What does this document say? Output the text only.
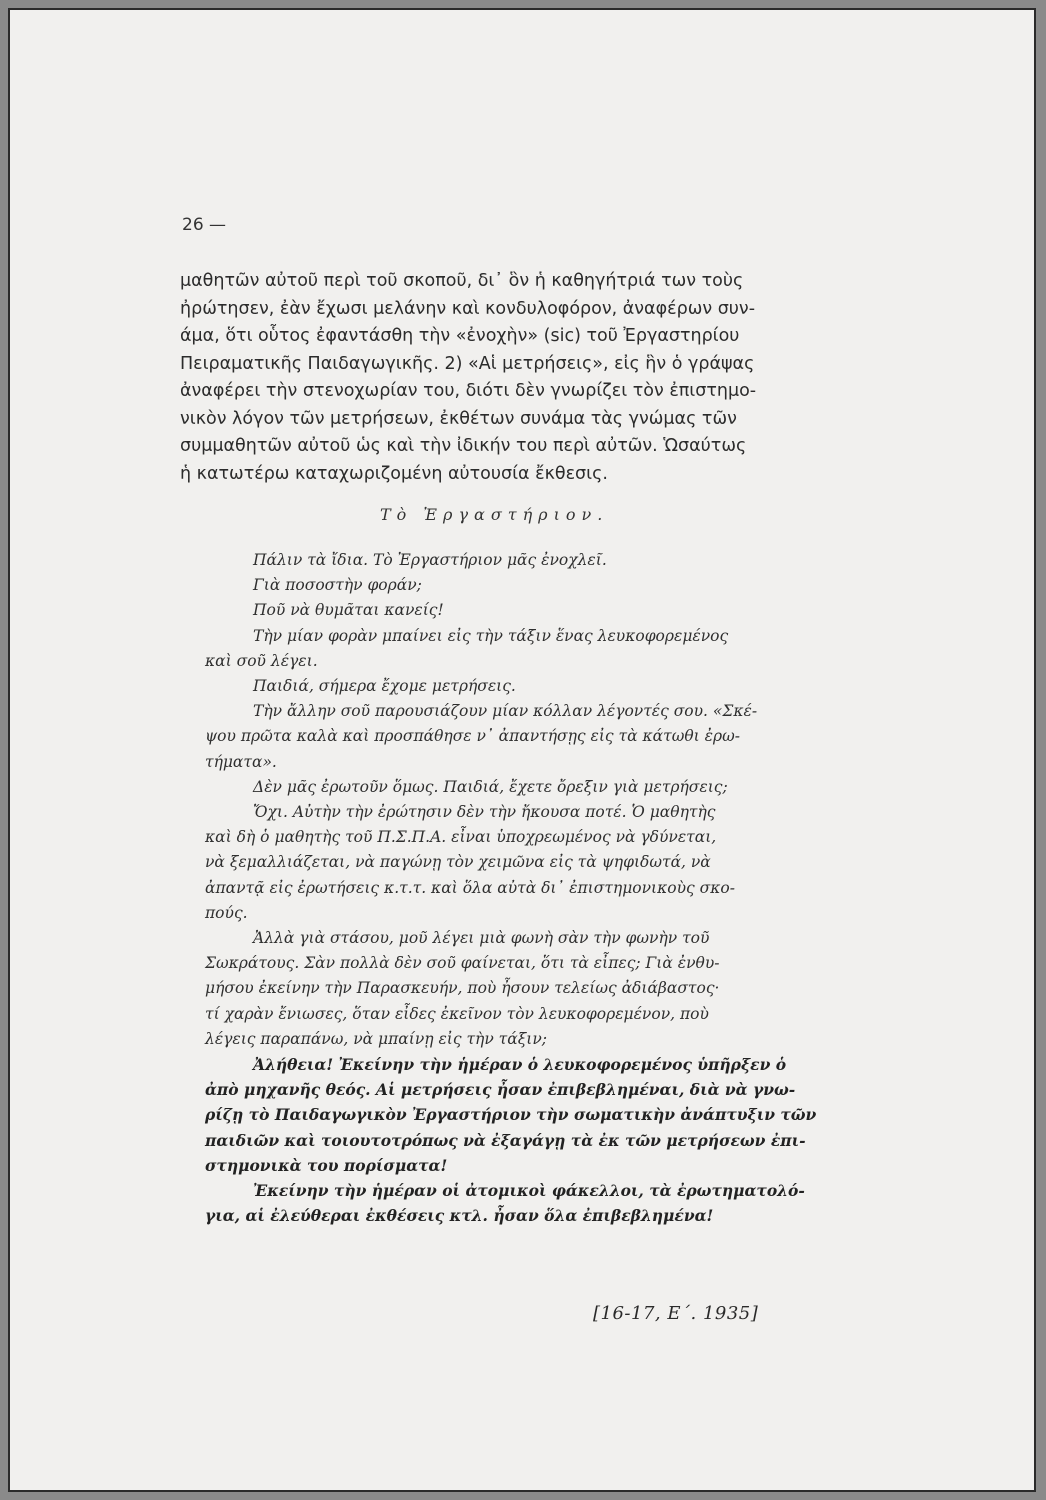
26 —
μαθητῶν αὐτοῦ περὶ τοῦ σκοποῦ, δι᾿ ὃν ἡ καθηγήτριά των τοὺς
ἠρώτησεν, ἐὰν ἔχωσι μελάνην καὶ κονδυλοφόρον, ἀναφέρων συν-
άμα, ὅτι οὗτος ἐφαντάσθη τὴν «ἐνοχὴν» (sic) τοῦ Ἐργαστηρίου
Πειραματικῆς Παιδαγωγικῆς. 2) «Αἱ μετρήσεις», εἰς ἣν ὁ γράψας
ἀναφέρει τὴν στενοχωρίαν του, διότι δὲν γνωρίζει τὸν ἐπιστημο-
νικὸν λόγον τῶν μετρήσεων, ἐκθέτων συνάμα τὰς γνώμας τῶν
συμμαθητῶν αὐτοῦ ὡς καὶ τὴν ἰδικήν του περὶ αὐτῶν. Ὡσαύτως
ἡ κατωτέρω καταχωριζομένη αὐτουσία ἔκθεσις.
Τὸ Ἐργαστήριον.
Πάλιν τὰ ἴδια. Τὸ Ἐργαστήριον μᾶς ἐνοχλεῖ.
Γιὰ ποσοστὴν φοράν;
Ποῦ νὰ θυμᾶται κανείς!
Τὴν μίαν φορὰν μπαίνει εἰς τὴν τάξιν ἕνας λευκοφορεμένος
καὶ σοῦ λέγει.
Παιδιά, σήμερα ἔχομε μετρήσεις.
Τὴν ἄλλην σοῦ παρουσιάζουν μίαν κόλλαν λέγοντές σου. «Σκέ-
ψου πρῶτα καλὰ καὶ προσπάθησε ν᾿ ἀπαντήσῃς εἰς τὰ κάτωθι ἐρω-
τήματα».
Δὲν μᾶς ἐρωτοῦν ὅμως. Παιδιά, ἔχετε ὄρεξιν γιὰ μετρήσεις;
Ὄχι. Αὐτὴν τὴν ἐρώτησιν δὲν τὴν ἤκουσα ποτέ. Ὁ μαθητὴς
καὶ δὴ ὁ μαθητὴς τοῦ Π.Σ.Π.Α. εἶναι ὑποχρεωμένος νὰ γδύνεται,
νὰ ξεμαλλιάζεται, νὰ παγώνῃ τὸν χειμῶνα εἰς τὰ ψηφιδωτά, νὰ
ἀπαντᾷ εἰς ἐρωτήσεις κ.τ.τ. καὶ ὅλα αὐτὰ δι᾿ ἐπιστημονικοὺς σκο-
πούς.
Ἀλλὰ γιὰ στάσου, μοῦ λέγει μιὰ φωνὴ σὰν τὴν φωνὴν τοῦ
Σωκράτους. Σὰν πολλὰ δὲν σοῦ φαίνεται, ὅτι τὰ εἶπες; Γιὰ ἐνθυ-
μήσου ἐκείνην τὴν Παρασκευήν, ποὺ ἦσουν τελείως ἀδιάβαστος·
τί χαρὰν ἔνιωσες, ὅταν εἶδες ἐκεῖνον τὸν λευκοφορεμένον, ποὺ
λέγεις παραπάνω, νὰ μπαίνῃ εἰς τὴν τάξιν;
Ἀλήθεια! Ἐκείνην τὴν ἡμέραν ὁ λευκοφορεμένος ὑπῆρξεν ὁ
ἀπὸ μηχανῆς θεός. Αἱ μετρήσεις ἦσαν ἐπιβεβλημέναι, διὰ νὰ γνω-
ρίζῃ τὸ Παιδαγωγικὸν Ἐργαστήριον τὴν σωματικὴν ἀνάπτυξιν τῶν
παιδιῶν καὶ τοιουτοτρόπως νὰ ἐξαγάγῃ τὰ ἐκ τῶν μετρήσεων ἐπι-
στημονικὰ του πορίσματα!
Ἐκείνην τὴν ἡμέραν οἱ ἀτομικοὶ φάκελλοι, τὰ ἐρωτηματολό-
για, αἱ ἐλεύθεραι ἐκθέσεις κτλ. ἦσαν ὅλα ἐπιβεβλημένα!
[16-17, Ε΄. 1935]
